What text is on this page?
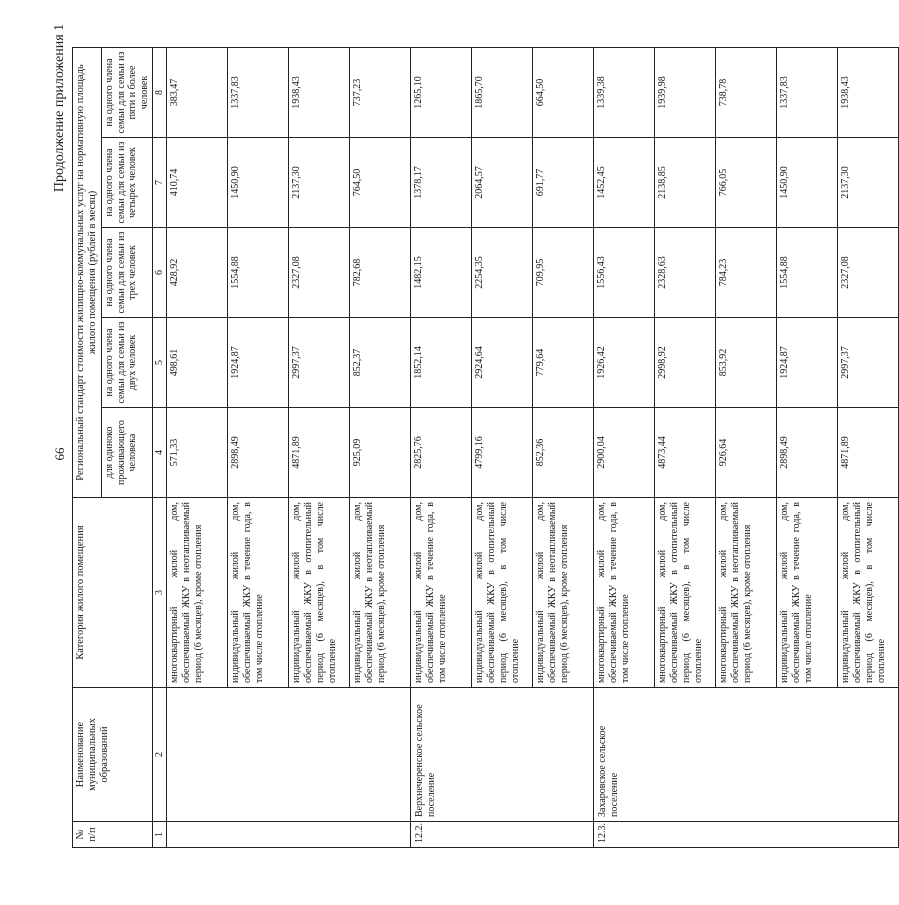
66
Продолжение приложения 1
№ п/п	Наименование муниципальных образований	Категория жилого помещения	Региональный стандарт стоимости жилищно-коммунальных услуг на нормативную площадь жилого помещения (рублей в месяц)				
			для одиноко проживающего человека	на одного члена семьи для семьи из двух человек	на одного члена семьи для семьи из трех человек	на одного члена семьи для семьи из четырех человек	на одного члена семьи для семьи из пяти и более человек
1	2	3	4	5	6	7	8
		многоквартирный жилой дом, обеспечиваемый ЖКУ в неотапливаемый период (6 месяцев), кроме отопления	571,33	498,61	428,92	410,74	383,47
		индивидуальный жилой дом, обеспечиваемый ЖКУ в течение года, в том числе отопление	2898,49	1924,87	1554,88	1450,90	1337,83
		индивидуальный жилой дом, обеспечиваемый ЖКУ в отопительный период (6 месяцев), в том числе отопление	4871,89	2997,37	2327,08	2137,30	1938,43
		индивидуальный жилой дом, обеспечиваемый ЖКУ в неотапливаемый период (6 месяцев), кроме отопления	925,09	852,37	782,68	764,50	737,23
12.2.	Верхнечеренское сельское поселение	индивидуальный жилой дом, обеспечиваемый ЖКУ в течение года, в том числе отопление	2825,76	1852,14	1482,15	1378,17	1265,10
		индивидуальный жилой дом, обеспечиваемый ЖКУ в отопительный период (6 месяцев), в том числе отопление	4799,16	2924,64	2254,35	2064,57	1865,70
		индивидуальный жилой дом, обеспечиваемый ЖКУ в неотапливаемый период (6 месяцев), кроме отопления	852,36	779,64	709,95	691,77	664,50
12.3.	Захаровское сельское поселение	многоквартирный жилой дом, обеспечиваемый ЖКУ в течение года, в том числе отопление	2900,04	1926,42	1556,43	1452,45	1339,38
		многоквартирный жилой дом, обеспечиваемый ЖКУ в отопительный период (6 месяцев), в том числе отопление	4873,44	2998,92	2328,63	2138,85	1939,98
		многоквартирный жилой дом, обеспечиваемый ЖКУ в неотапливаемый период (6 месяцев), кроме отопления	926,64	853,92	784,23	766,05	738,78
		индивидуальный жилой дом, обеспечиваемый ЖКУ в течение года, в том числе отопление	2898,49	1924,87	1554,88	1450,90	1337,83
		индивидуальный жилой дом, обеспечиваемый ЖКУ в отопительный период (6 месяцев), в том числе отопление	4871,89	2997,37	2327,08	2137,30	1938,43
